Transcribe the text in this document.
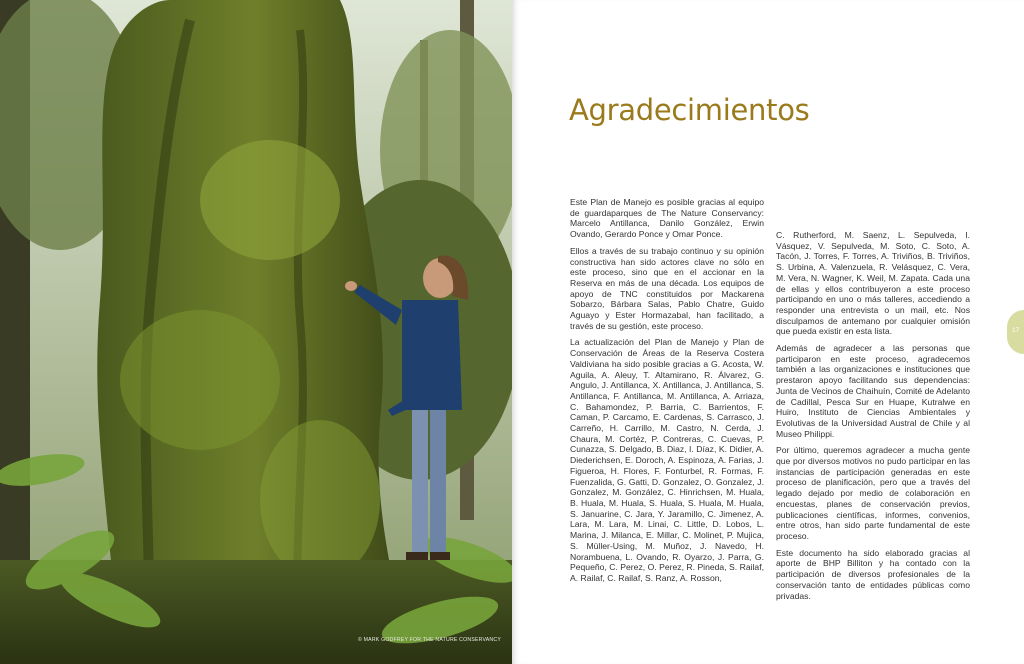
© MARK GODFREY FOR THE NATURE CONSERVANCY
Agradecimientos

Este Plan de Manejo es posible gracias al equipo de guardaparques de The Nature Conservancy: Marcelo Antillanca, Danilo González, Erwin Ovando, Gerardo Ponce y Omar Ponce.

Ellos a través de su trabajo continuo y su opinión constructiva han sido actores clave no sólo en este proceso, sino que en el accionar en la Reserva en más de una década. Los equipos de apoyo de TNC constituidos por Mackarena Sobarzo, Bárbara Salas, Pablo Chatre, Guido Aguayo y Ester Hormazabal, han facilitado, a través de su gestión, este proceso.

La actualización del Plan de Manejo y Plan de Conservación de Áreas de la Reserva Costera Valdiviana ha sido posible gracias a G. Acosta, W. Aguila, A. Aleuy, T. Altamirano, R. Álvarez, G. Angulo, J. Antillanca, X. Antillanca, J. Antillanca, S. Antillanca, F. Antillanca, M. Antillanca, A. Arriaza, C. Bahamondez, P. Barria, C. Barrientos, F. Caman, P. Carcamo, E. Cardenas, S. Carrasco, J. Carreño, H. Carrillo, M. Castro, N. Cerda, J. Chaura, M. Cortéz, P. Contreras, C. Cuevas, P. Cunazza, S. Delgado, B. Diaz, I. Díaz, K. Didier, A. Diederichsen, E. Doroch, A. Espinoza, A. Farias, J. Figueroa, H. Flores, F. Fonturbel, R. Formas, F. Fuenzalida, G. Gatti, D. Gonzalez, O. Gonzalez, J. Gonzalez, M. González, C. Hinrichsen, M. Huala, B. Huala, M. Huala, S. Huala, S. Huala, M. Huala, S. Januarine, C. Jara, Y. Jaramillo, C. Jimenez, A. Lara, M. Lara, M. Linai, C. Little, D. Lobos, L. Marina, J. Milanca, E. Millar, C. Molinet, P. Mujica, S. Müller-Using, M. Muñoz, J. Navedo, H. Norambuena, L. Ovando, R. Oyarzo, J. Parra, G. Pequeño, C. Perez, O. Perez, R. Pineda, S. Railaf, A. Railaf, C. Railaf, S. Ranz, A. Rosson,

C. Rutherford, M. Saenz, L. Sepulveda, I. Vásquez, V. Sepulveda, M. Soto, C. Soto, A. Tacón, J. Torres, F. Torres, A. Triviños, B. Triviños, S. Urbina, A. Valenzuela, R. Velásquez, C. Vera, M. Vera, N. Wagner, K. Weil, M. Zapata. Cada una de ellas y ellos contribuyeron a este proceso participando en uno o más talleres, accediendo a responder una entrevista o un mail, etc. Nos disculpamos de antemano por cualquier omisión que pueda existir en esta lista.

Además de agradecer a las personas que participaron en este proceso, agradecemos también a las organizaciones e instituciones que prestaron apoyo facilitando sus dependencias: Junta de Vecinos de Chaihuín, Comité de Adelanto de Cadillal, Pesca Sur en Huape, Kutralwe en Huiro, Instituto de Ciencias Ambientales y Evolutivas de la Universidad Austral de Chile y al Museo Philippi.

Por último, queremos agradecer a mucha gente que por diversos motivos no pudo participar en las instancias de participación generadas en este proceso de planificación, pero que a través del legado dejado por medio de colaboración en encuestas, planes de conservación previos, publicaciones científicas, informes, convenios, entre otros, han sido parte fundamental de este proceso.

Este documento ha sido elaborado gracias al aporte de BHP Billiton y ha contado con la participación de diversos profesionales de la conservación tanto de entidades públicas como privadas.

17
